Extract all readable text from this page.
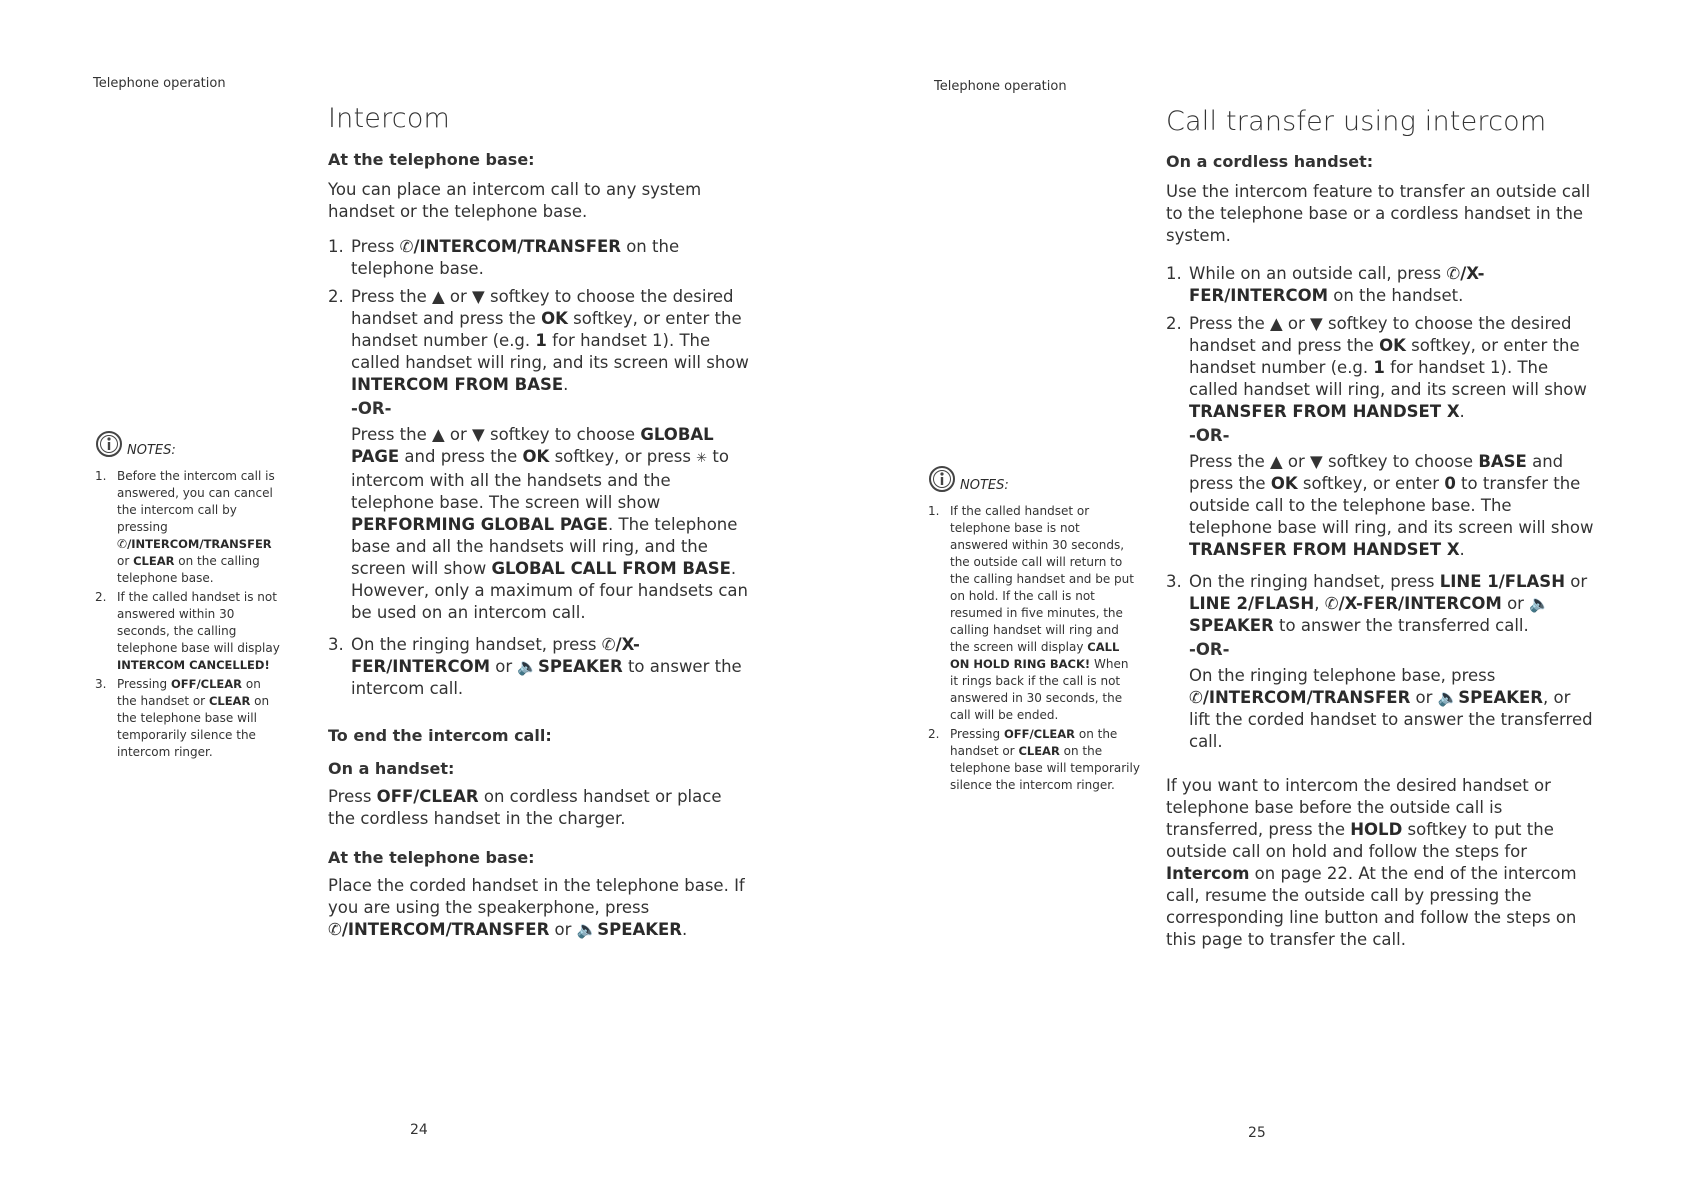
Telephone operation
Intercom
At the telephone base:

You can place an intercom call to any system handset or the telephone base.

1. Press ✆/INTERCOM/TRANSFER on the telephone base.
2. Press the ▲ or ▼ softkey to choose the desired handset and press the OK softkey, or enter the handset number (e.g. 1 for handset 1). The called handset will ring, and its screen will show INTERCOM FROM BASE.
-OR-
Press the ▲ or ▼ softkey to choose GLOBAL PAGE and press the OK softkey, or press ✳ to intercom with all the handsets and the telephone base. The screen will show PERFORMING GLOBAL PAGE. The telephone base and all the handsets will ring, and the screen will show GLOBAL CALL FROM BASE. However, only a maximum of four handsets can be used on an intercom call.
3. On the ringing handset, press ✆/X-FER/INTERCOM or 🔈SPEAKER to answer the intercom call.
To end the intercom call:
On a handset:

Press OFF/CLEAR on cordless handset or place the cordless handset in the charger.

At the telephone base:

Place the corded handset in the telephone base. If you are using the speakerphone, press ✆/INTERCOM/TRANSFER or 🔈SPEAKER.

NOTES:
1. Before the intercom call is answered, you can cancel the intercom call by pressing ✆/INTERCOM/TRANSFER or CLEAR on the calling telephone base.
2. If the called handset is not answered within 30 seconds, the calling telephone base will display INTERCOM CANCELLED!
3. Pressing OFF/CLEAR on the handset or CLEAR on the telephone base will temporarily silence the intercom ringer.
24
Telephone operation
Call transfer using intercom
On a cordless handset:

Use the intercom feature to transfer an outside call to the telephone base or a cordless handset in the system.

1. While on an outside call, press ✆/X-FER/INTERCOM on the handset.
2. Press the ▲ or ▼ softkey to choose the desired handset and press the OK softkey, or enter the handset number (e.g. 1 for handset 1). The called handset will ring, and its screen will show TRANSFER FROM HANDSET X.
-OR-
Press the ▲ or ▼ softkey to choose BASE and press the OK softkey, or enter 0 to transfer the outside call to the telephone base. The telephone base will ring, and its screen will show TRANSFER FROM HANDSET X.
3. On the ringing handset, press LINE 1/FLASH or LINE 2/FLASH, ✆/X-FER/INTERCOM or 🔈SPEAKER to answer the transferred call.
-OR-
On the ringing telephone base, press ✆/INTERCOM/TRANSFER or 🔈SPEAKER, or lift the corded handset to answer the transferred call.

If you want to intercom the desired handset or telephone base before the outside call is transferred, press the HOLD softkey to put the outside call on hold and follow the steps for Intercom on page 22. At the end of the intercom call, resume the outside call by pressing the corresponding line button and follow the steps on this page to transfer the call.

NOTES:
1. If the called handset or telephone base is not answered within 30 seconds, the outside call will return to the calling handset and be put on hold. If the call is not resumed in five minutes, the calling handset will ring and the screen will display CALL ON HOLD RING BACK! When it rings back if the call is not answered in 30 seconds, the call will be ended.
2. Pressing OFF/CLEAR on the handset or CLEAR on the telephone base will temporarily silence the intercom ringer.
25
